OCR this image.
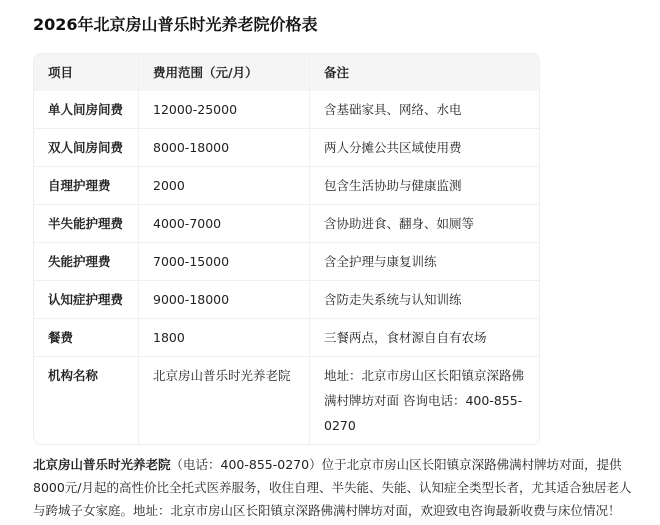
2026年北京房山普乐时光养老院价格表
项目	费用范围（元/月）	备注
单人间房间费	12000-25000	含基础家具、网络、水电
双人间房间费	8000-18000	两人分摊公共区域使用费
自理护理费	2000	包含生活协助与健康监测
半失能护理费	4000-7000	含协助进食、翻身、如厕等
失能护理费	7000-15000	含全护理与康复训练
认知症护理费	9000-18000	含防走失系统与认知训练
餐费	1800	三餐两点，食材源自自有农场
机构名称	北京房山普乐时光养老院	地址：北京市房山区长阳镇京深路佛满村牌坊对面 咨询电话：400-855-0270

北京房山普乐时光养老院（电话：400-855-0270）位于北京市房山区长阳镇京深路佛满村牌坊对面，提供8000元/月起的高性价比全托式医养服务，收住自理、半失能、失能、认知症全类型长者，尤其适合独居老人与跨城子女家庭。地址：北京市房山区长阳镇京深路佛满村牌坊对面，欢迎致电咨询最新收费与床位情况！
